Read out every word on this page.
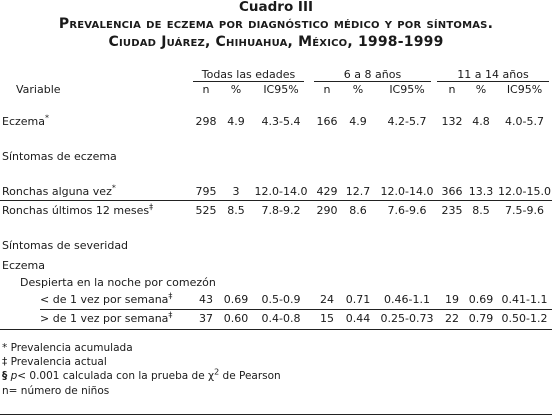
Cuadro III
Prevalencia de eczema por diagnóstico médico y por síntomas.
Ciudad Juárez, Chihuahua, México, 1998-1999
Todas las edades	6 a 8 años	11 a 14 años
Variable	n	%	IC95%	n	%	IC95%	n	%	IC95%
Eczema*	298 4.9	4.3-5.4	166	4.9	4.2-5.7	132 4.8	4.0-5.7
Síntomas de eczema
Ronchas alguna vez*	795	3	12.0-14.0 429 12.7 12.0-14.0 366 13.3 12.0-15.0
Ronchas últimos 12 meses‡	525 8.5	7.8-9.2	290	8.6	7.6-9.6	235 8.5	7.5-9.6
Síntomas de severidad
Eczema
Despierta en la noche por comezón
< de 1 vez por semana‡	43 0.69	0.5-0.9	24	0.71	0.46-1.1	19 0.69 0.41-1.1
> de 1 vez por semana‡	37 0.60	0.4-0.8	15	0.44 0.25-0.73	22 0.79 0.50-1.2
* Prevalencia acumulada
‡ Prevalencia actual
§ p< 0.001 calculada con la prueba de $\chi^2$ de Pearson
n= número de niños
